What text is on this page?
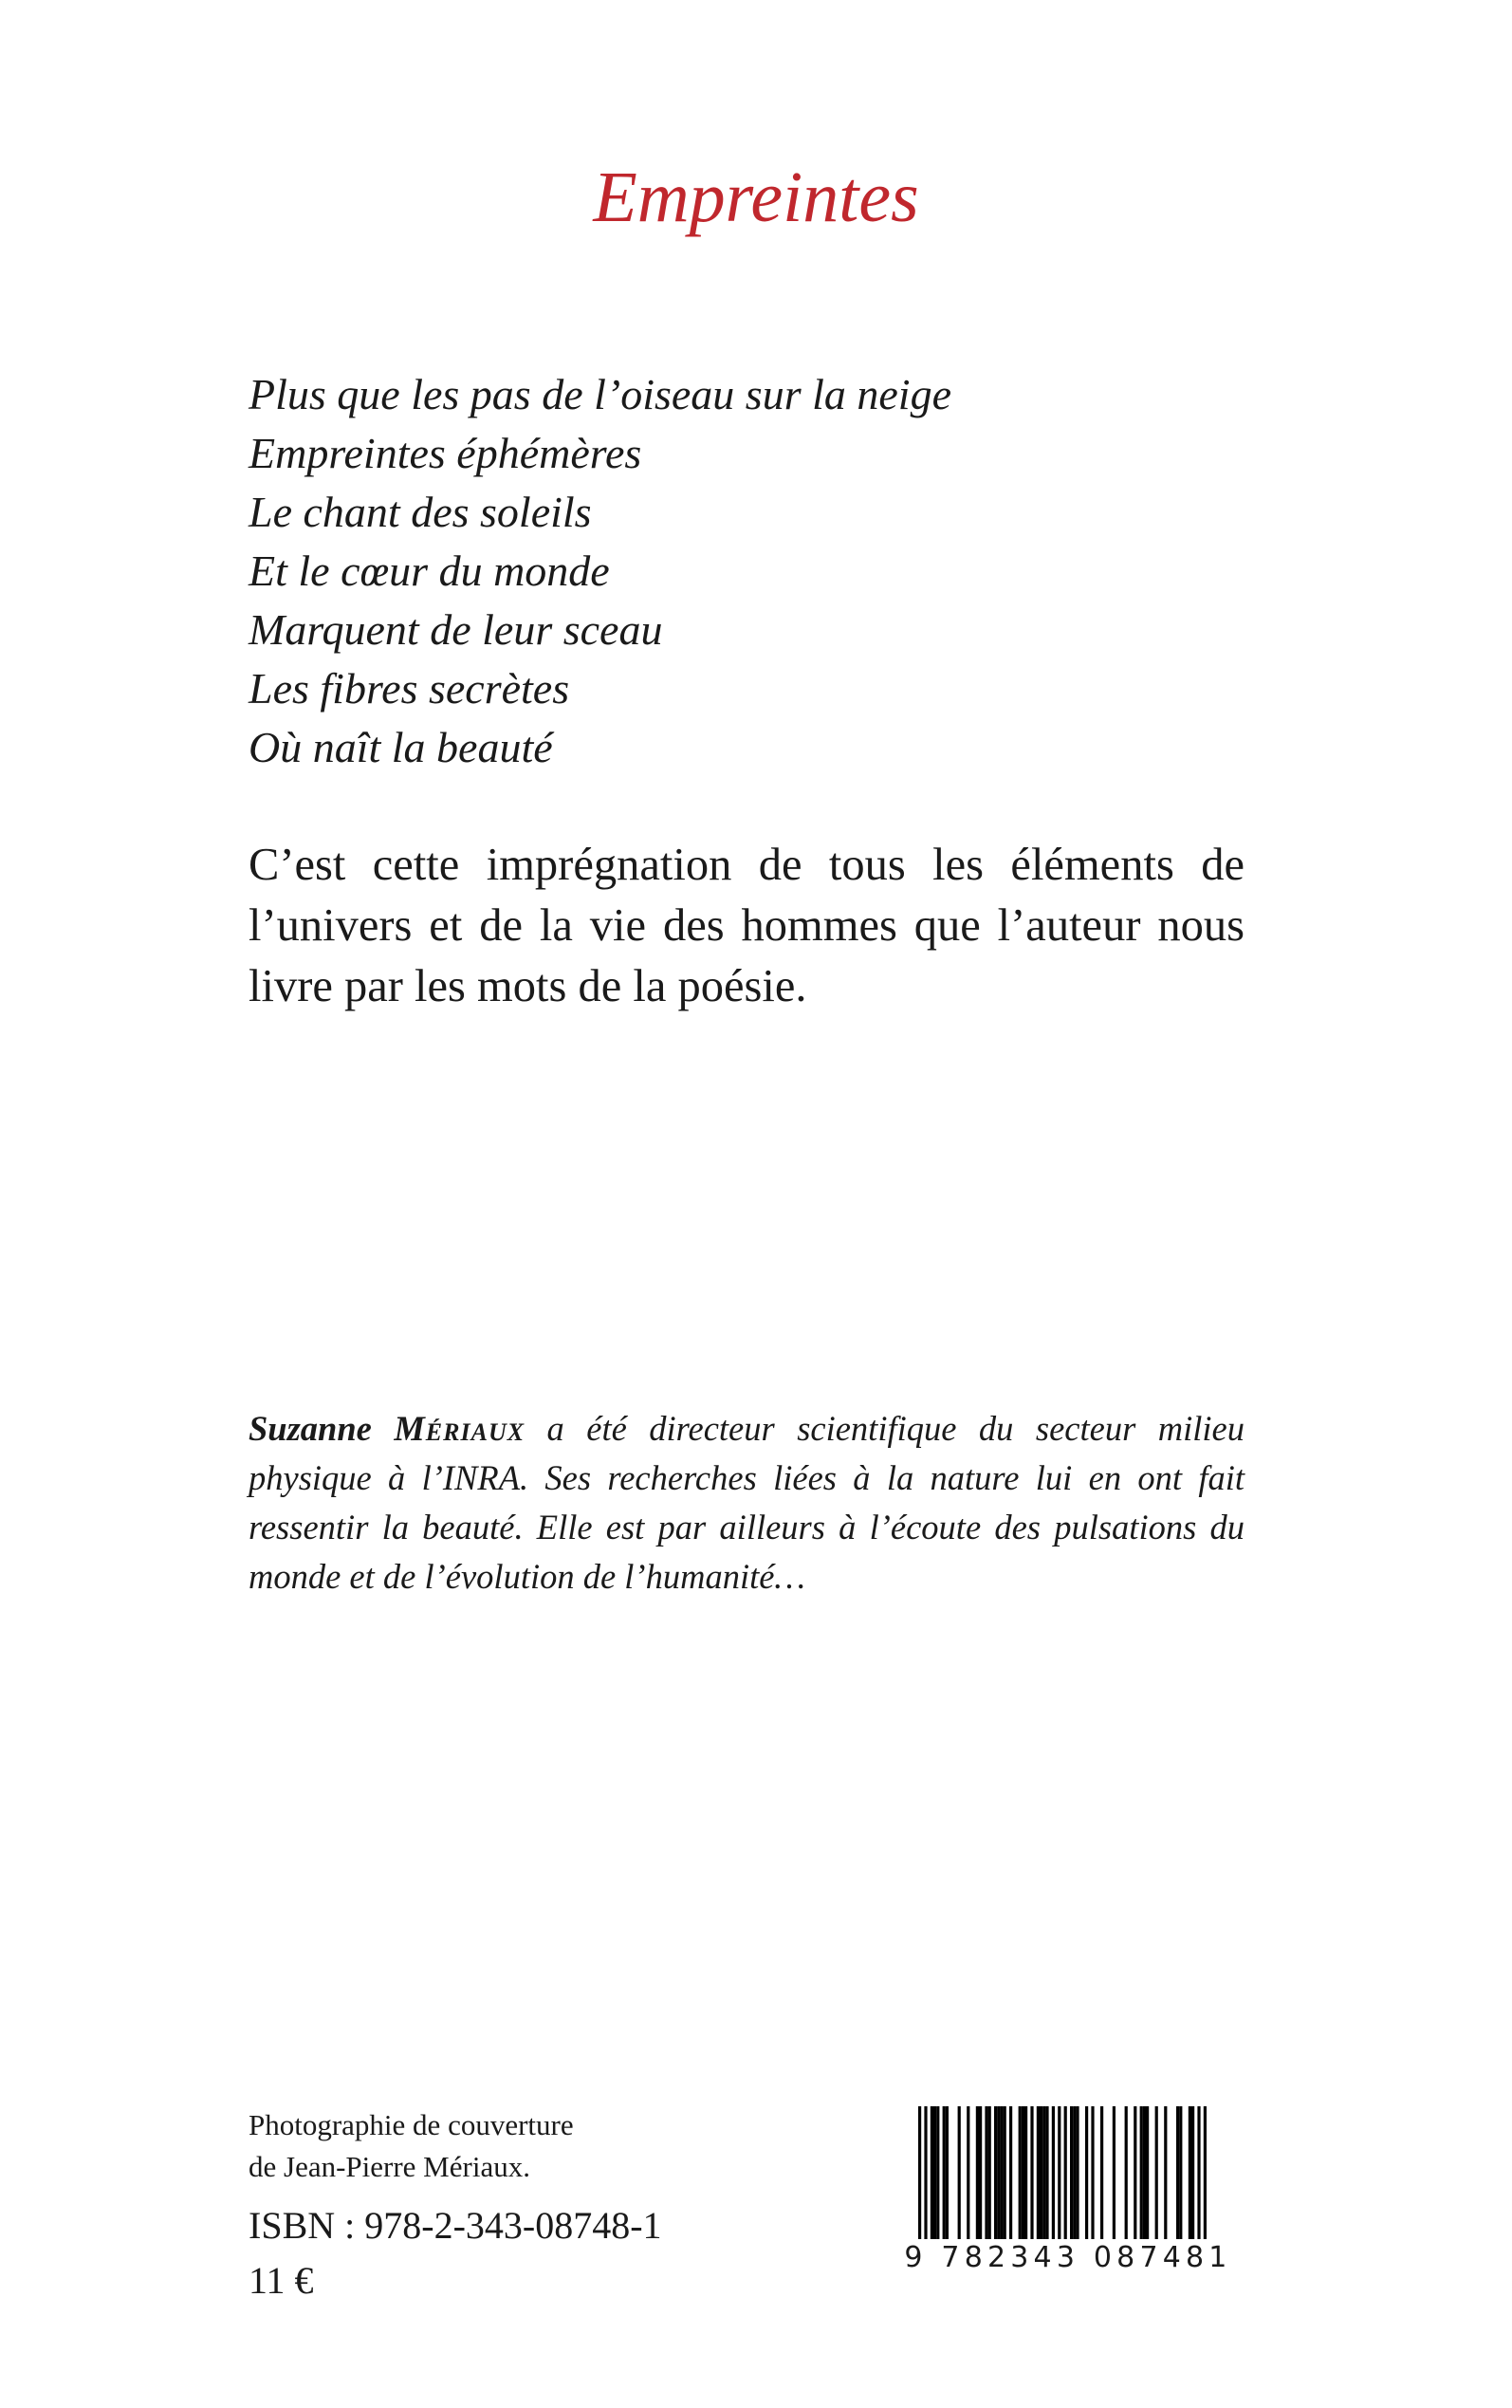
Empreintes
Plus que les pas de l’oiseau sur la neige
Empreintes éphémères
Le chant des soleils
Et le cœur du monde
Marquent de leur sceau
Les fibres secrètes
Où naît la beauté
C’est cette imprégnation de tous les éléments de l’univers et de la vie des hommes que l’auteur nous livre par les mots de la poésie.
Suzanne Mériaux a été directeur scientifique du secteur milieu physique à l’INRA. Ses recherches liées à la nature lui en ont fait ressentir la beauté. Elle est par ailleurs à l’écoute des pulsations du monde et de l’évolution de l’humanité…
Photographie de couverture
de Jean-Pierre Mériaux.
ISBN : 978-2-343-08748-1
11 €
9 782343 087481
